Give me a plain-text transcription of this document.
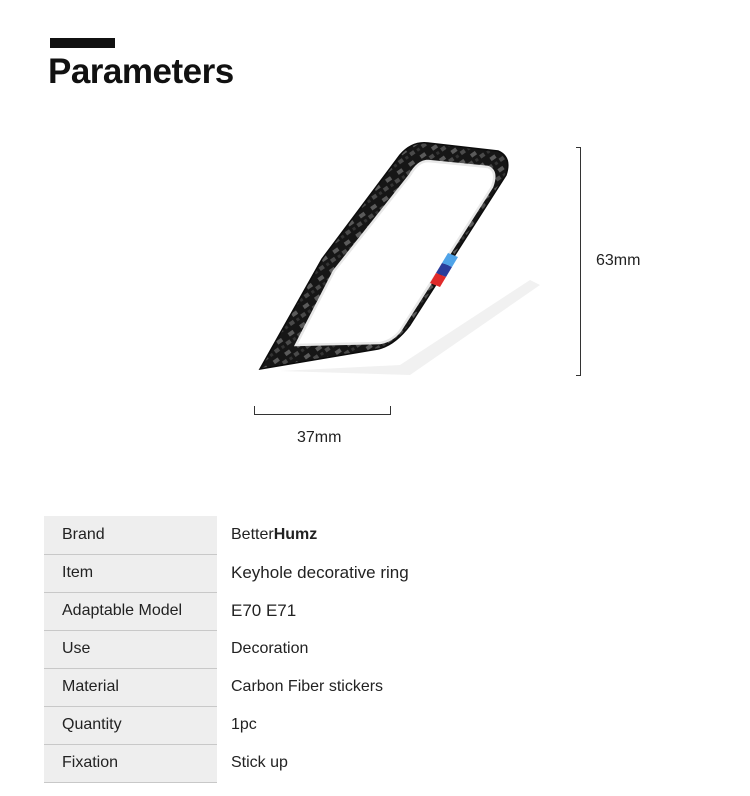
Parameters
63mm
37mm
Brand		BetterHumz
Item		Keyhole decorative ring
Adaptable Model		E70 E71
Use		Decoration
Material		Carbon Fiber stickers
Quantity		1pc
Fixation		Stick up
